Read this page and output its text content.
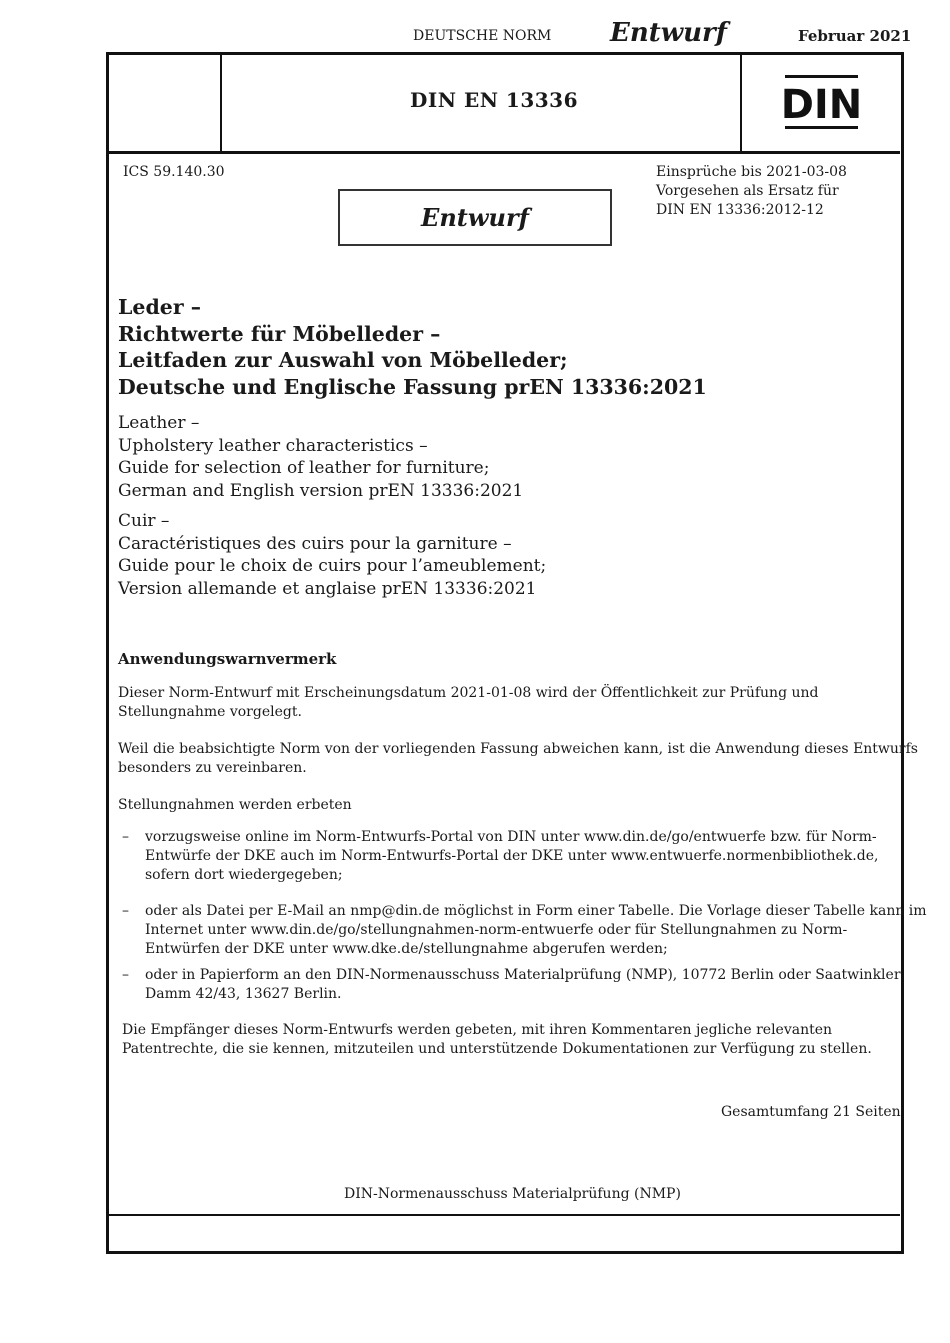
DEUTSCHE NORM Entwurf	Februar 2021
DIN EN 13336	DIN
ICS 59.140.30	Einsprüche bis 2021-03-08
Vorgesehen als Ersatz für
DIN EN 13336:2012-12
Entwurf
Leder –
Richtwerte für Möbelleder –
Leitfaden zur Auswahl von Möbelleder;
Deutsche und Englische Fassung prEN 13336:2021
Leather –
Upholstery leather characteristics –
Guide for selection of leather for furniture;
German and English version prEN 13336:2021
Cuir –
Caractéristiques des cuirs pour la garniture –
Guide pour le choix de cuirs pour l’ameublement;
Version allemande et anglaise prEN 13336:2021
Anwendungswarnvermerk
Dieser Norm-Entwurf mit Erscheinungsdatum 2021-01-08 wird der Öffentlichkeit zur Prüfung und
Stellungnahme vorgelegt.
Weil die beabsichtigte Norm von der vorliegenden Fassung abweichen kann, ist die Anwendung dieses Entwurfs
besonders zu vereinbaren.
Stellungnahmen werden erbeten
– vorzugsweise online im Norm-Entwurfs-Portal von DIN unter www.din.de/go/entwuerfe bzw. für Norm-
Entwürfe der DKE auch im Norm-Entwurfs-Portal der DKE unter www.entwuerfe.normenbibliothek.de,
sofern dort wiedergegeben;
– oder als Datei per E-Mail an nmp@din.de möglichst in Form einer Tabelle. Die Vorlage dieser Tabelle kann im
Internet unter www.din.de/go/stellungnahmen-norm-entwuerfe oder für Stellungnahmen zu Norm-
Entwürfen der DKE unter www.dke.de/stellungnahme abgerufen werden;
– oder in Papierform an den DIN-Normenausschuss Materialprüfung (NMP), 10772 Berlin oder Saatwinkler
Damm 42/43, 13627 Berlin.
Die Empfänger dieses Norm-Entwurfs werden gebeten, mit ihren Kommentaren jegliche relevanten
Patentrechte, die sie kennen, mitzuteilen und unterstützende Dokumentationen zur Verfügung zu stellen.
Gesamtumfang 21 Seiten
DIN-Normenausschuss Materialprüfung (NMP)
